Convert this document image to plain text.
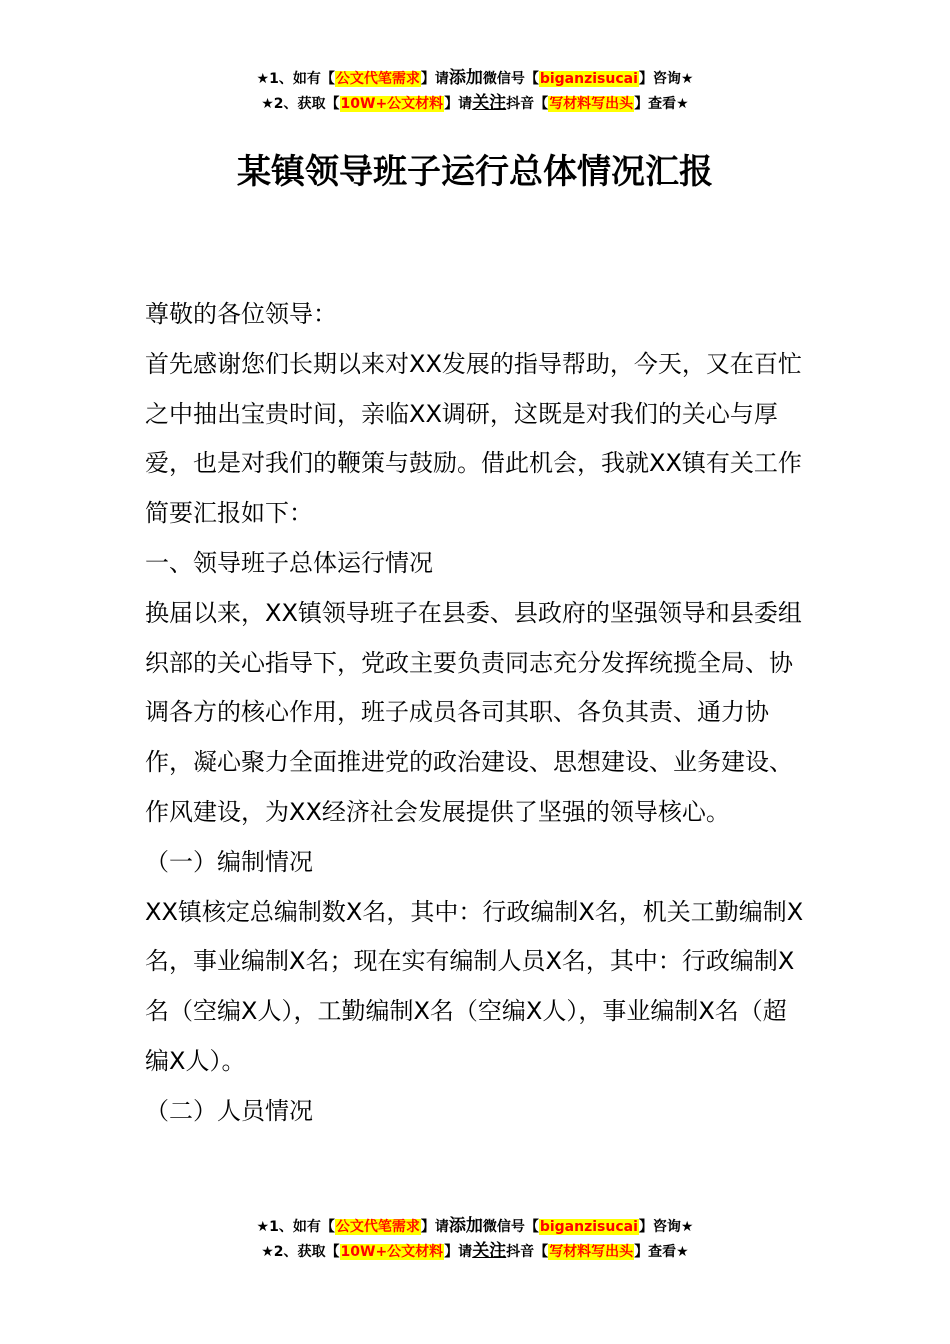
★1、如有【公文代笔需求】请添加微信号【biganzisucai】咨询★
★2、获取【10W+公文材料】请关注抖音【写材料写出头】查看★
某镇领导班子运行总体情况汇报

尊敬的各位领导：

首先感谢您们长期以来对XX发展的指导帮助，今天，又在百忙之中抽出宝贵时间，亲临XX调研，这既是对我们的关心与厚爱，也是对我们的鞭策与鼓励。借此机会，我就XX镇有关工作简要汇报如下：

一、领导班子总体运行情况

换届以来，XX镇领导班子在县委、县政府的坚强领导和县委组织部的关心指导下，党政主要负责同志充分发挥统揽全局、协调各方的核心作用，班子成员各司其职、各负其责、通力协作，凝心聚力全面推进党的政治建设、思想建设、业务建设、作风建设，为XX经济社会发展提供了坚强的领导核心。

（一）编制情况

XX镇核定总编制数X名，其中：行政编制X名，机关工勤编制X名，事业编制X名；现在实有编制人员X名，其中：行政编制X名（空编X人），工勤编制X名（空编X人），事业编制X名（超编X人）。

（二）人员情况

★1、如有【公文代笔需求】请添加微信号【biganzisucai】咨询★
★2、获取【10W+公文材料】请关注抖音【写材料写出头】查看★
